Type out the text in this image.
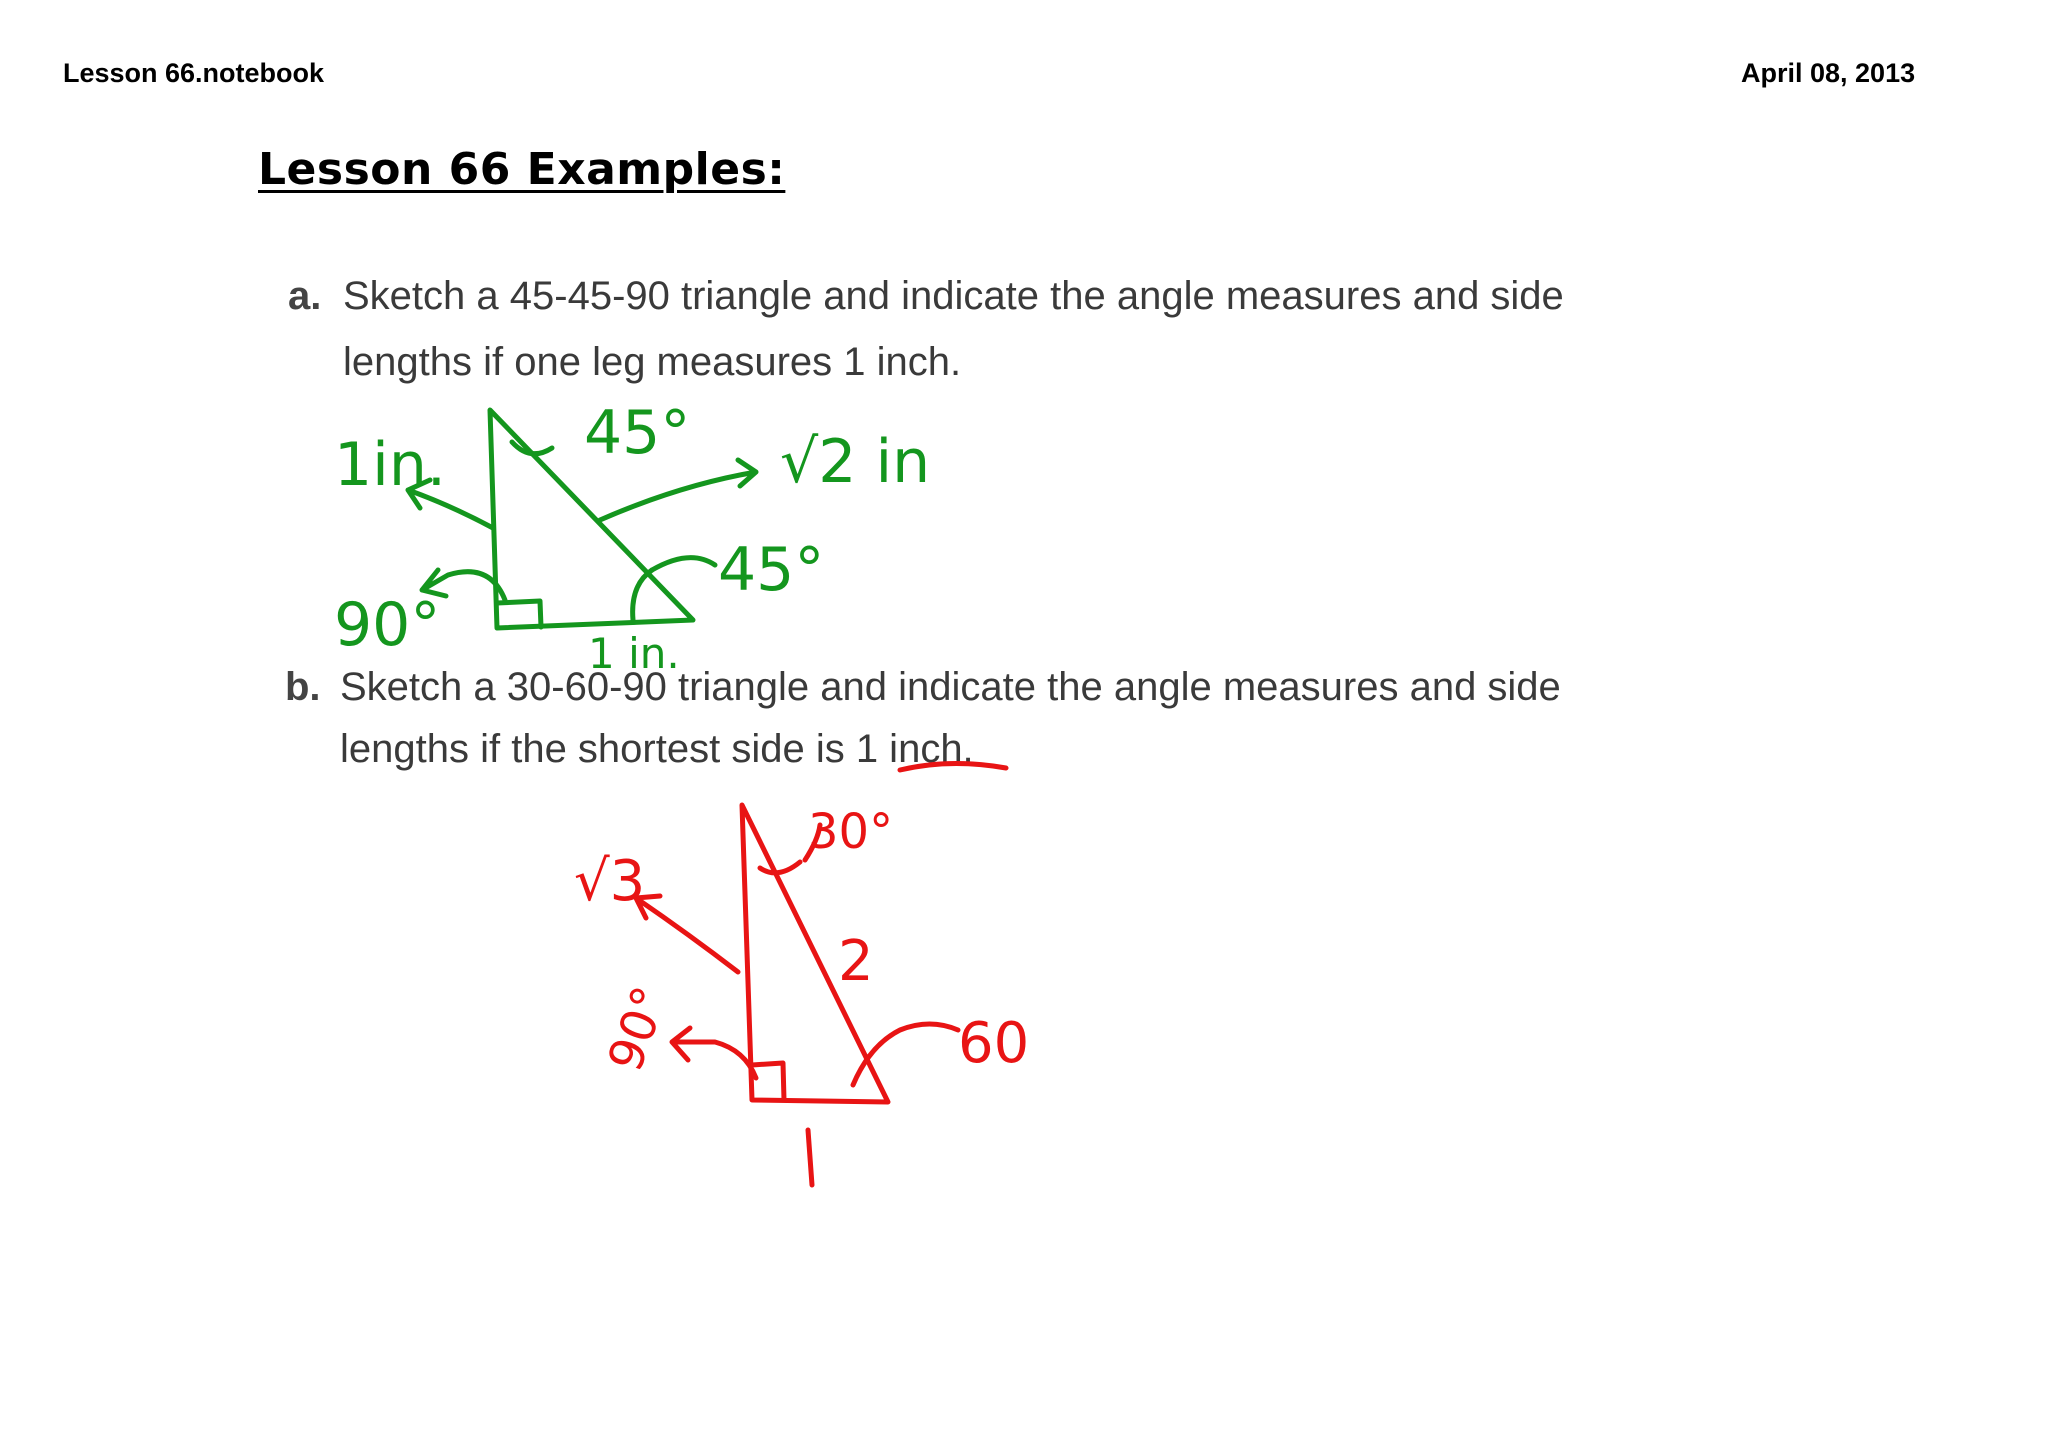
Lesson 66.notebook	April 08, 2013
Lesson 66 Examples:
a. Sketch a 45-45-90 triangle and indicate the angle measures and side
lengths if one leg measures 1 inch.
b. Sketch a 30-60-90 triangle and indicate the angle measures and side
lengths if the shortest side is 1 inch.
1in. 45° √2 in
45°
90°	1 in.
30°
√3
2
90°	60
